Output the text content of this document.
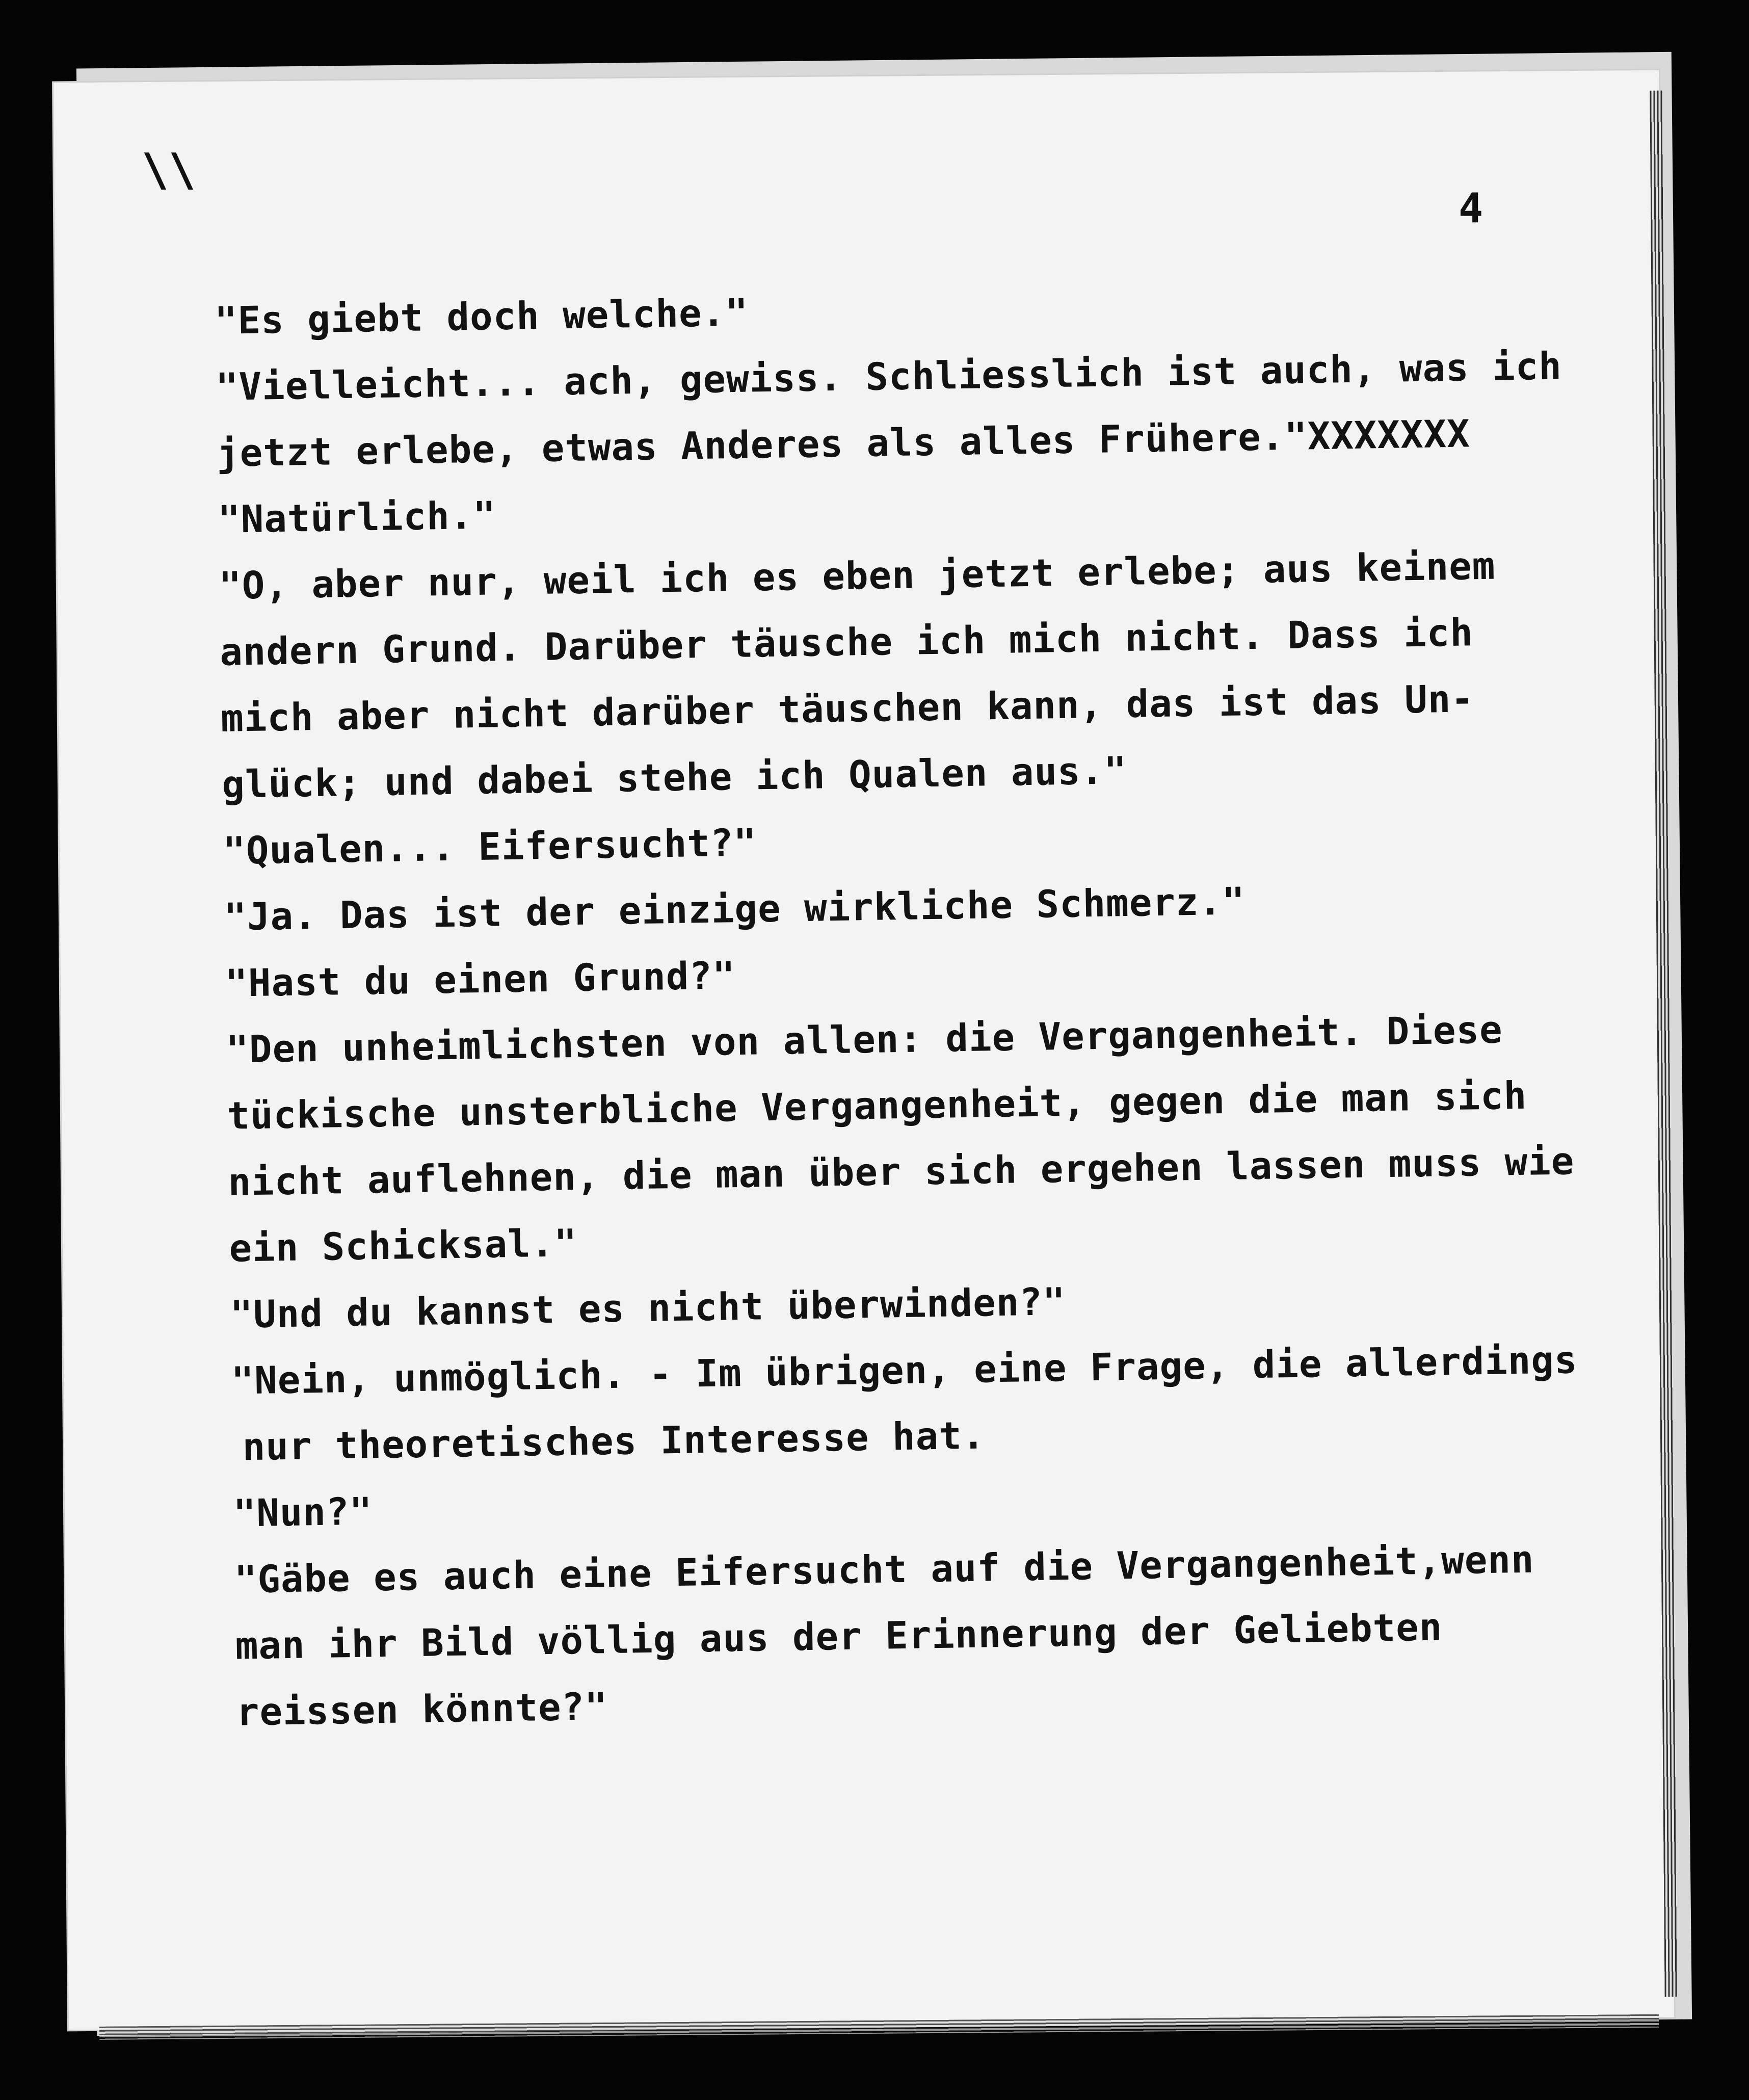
\\
4
"Es giebt doch welche."
"Vielleicht... ach, gewiss. Schliesslich ist auch, was ich
jetzt erlebe, etwas Anderes als alles Frühere."XXXXXXX
"Natürlich."
"O, aber nur, weil ich es eben jetzt erlebe; aus keinem
andern Grund. Darüber täusche ich mich nicht. Dass ich
mich aber nicht darüber täuschen kann, das ist das Un-
glück; und dabei stehe ich Qualen aus."
"Qualen... Eifersucht?"
"Ja. Das ist der einzige wirkliche Schmerz."
"Hast du einen Grund?"
"Den unheimlichsten von allen: die Vergangenheit. Diese
tückische unsterbliche Vergangenheit, gegen die man sich
nicht auflehnen, die man über sich ergehen lassen muss wie
ein Schicksal."
"Und du kannst es nicht überwinden?"
"Nein, unmöglich. - Im übrigen, eine Frage, die allerdings
nur theoretisches Interesse hat.
"Nun?"
"Gäbe es auch eine Eifersucht auf die Vergangenheit,wenn
man ihr Bild völlig aus der Erinnerung der Geliebten
reissen könnte?"
